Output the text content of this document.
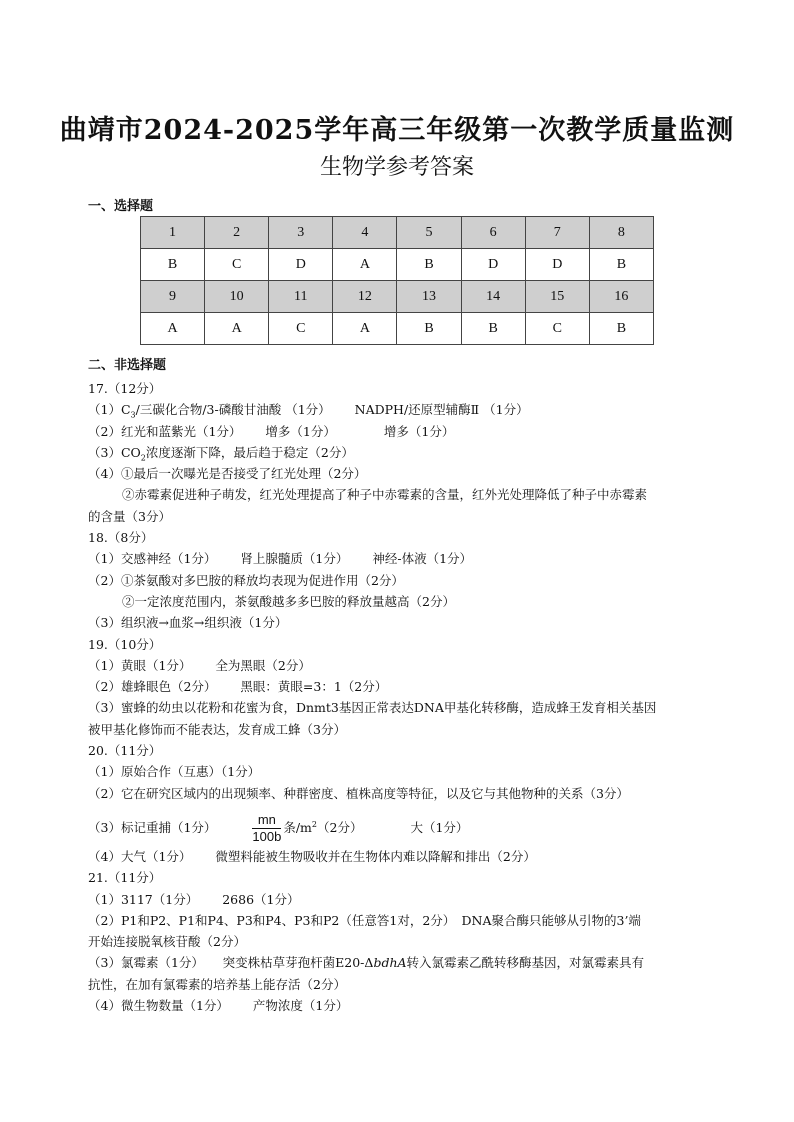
曲靖市2024-2025学年高三年级第一次教学质量监测
生物学参考答案
一、选择题
1	2	3	4	5	6	7	8
B	C	D	A	B	D	D	B
9	10	11	12	13	14	15	16
A	A	C	A	B	B	C	B
二、非选择题
17.（12分）
$(1)C_3/$三碳化合物/3-磷酸甘油酸 （1分） NADPH/还原型辅酶Ⅱ （1分）
（2）红光和蓝紫光（1分） 增多（1分）	增多（1分）
$(3)CO_2$浓度逐渐下降，最后趋于稳定（2分）
（4）①最后一次曝光是否接受了红光处理（2分）
②赤霉素促进种子萌发，红光处理提高了种子中赤霉素的含量，红外光处理降低了种子中赤霉素
的含量（3分）
18.（8分）
（1）交感神经（1分） 肾上腺髓质（1分） 神经-体液（1分）
（2）①茶氨酸对多巴胺的释放均表现为促进作用（2分）
②一定浓度范围内，茶氨酸越多多巴胺的释放量越高（2分）
（3）组织液→血浆→组织液（1分）
19.（10分）
（1）黄眼（1分） 全为黑眼（2分）
（2）雄蜂眼色（2分） 黑眼：黄眼=3：1（2分）
（3）蜜蜂的幼虫以花粉和花蜜为食，Dnmt3基因正常表达DNA甲基化转移酶，造成蜂王发育相关基因
被甲基化修饰而不能表达，发育成工蜂（3分）
20.（11分）
（1）原始合作（互惠）（1分）
（2）它在研究区域内的出现频率、种群密度、植株高度等特征，以及它与其他物种的关系（3分）
（3）标记重捕（1分）	$\frac{mn}{100b}$ 条$/m^2(2$分）	大（1分）
（4）大气（1分） 微塑料能被生物吸收并在生物体内难以降解和排出（2分）
21.（11分）
（1）3117（1分） 2686（1分）
（2）P1和P2、P1和P4、P3和P4、P3和P2（任意答1对，2分）　DNA聚合酶只能够从引物的3’端
开始连接脱氧核苷酸（2分）
（3）氯霉素（1分）　　突变株枯草芽孢杆菌E20-ΔbdhA转入氯霉素乙酰转移酶基因，对氯霉素具有
抗性，在加有氯霉素的培养基上能存活（2分）
（4）微生物数量（1分） 产物浓度（1分）
